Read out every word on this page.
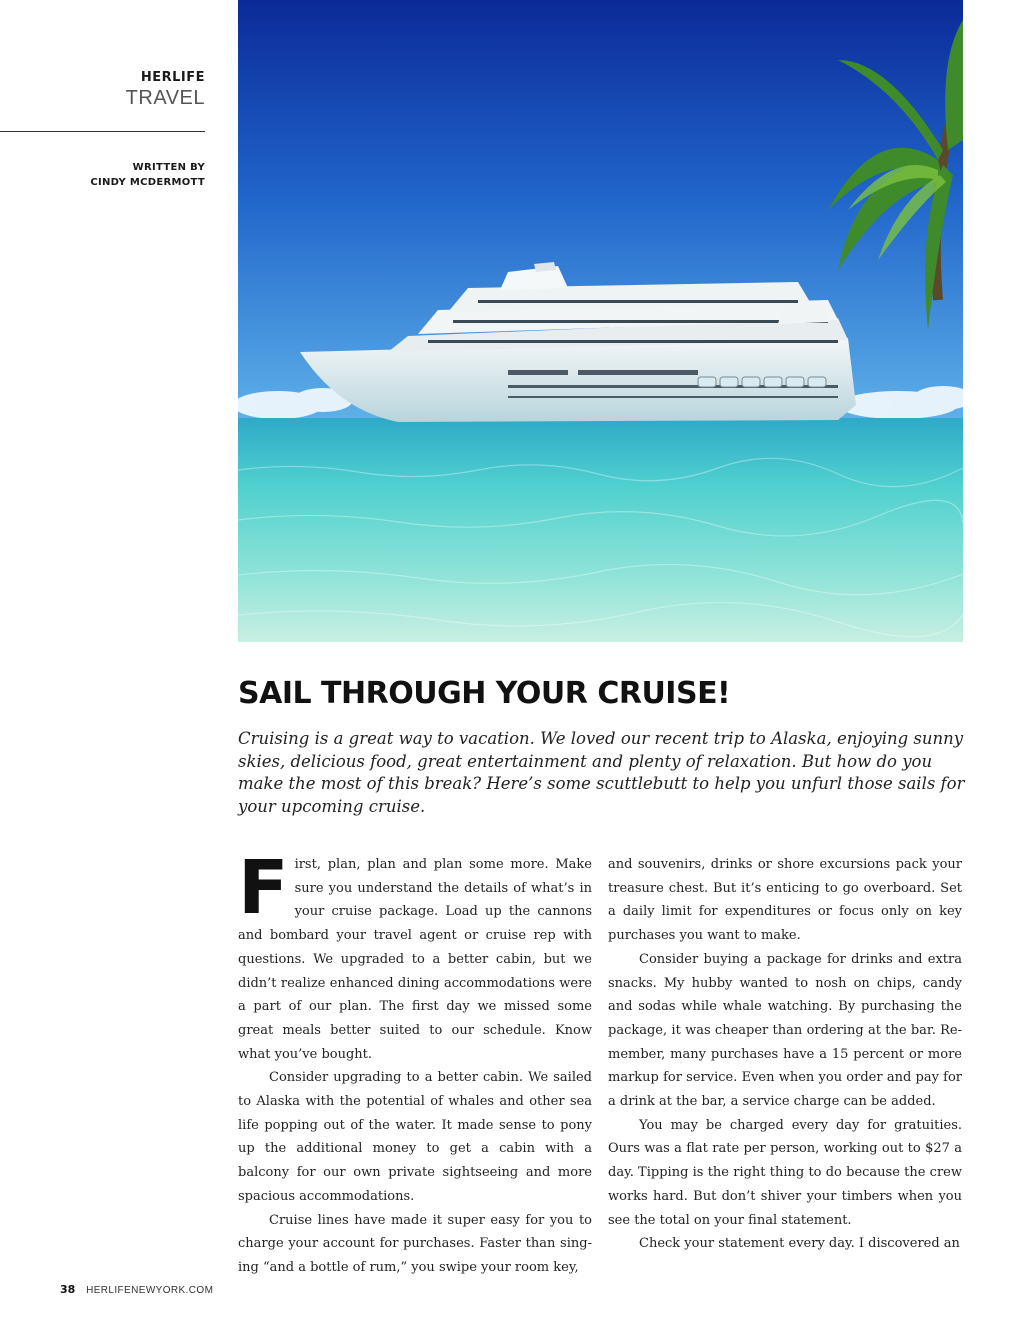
HERLIFE
TRAVEL
WRITTEN BY
CINDY MCDERMOTT
SAIL THROUGH YOUR CRUISE!

Cruising is a great way to vacation. We loved our recent trip to Alaska, enjoying sunny skies, delicious food, great entertainment and plenty of relaxation. But how do you make the most of this break? Here’s some scuttlebutt to help you unfurl those sails for your upcoming cruise.

First, plan, plan and plan some more. Make sure you understand the details of what’s in your cruise package. Load up the cannons and bombard your travel agent or cruise rep with questions. We upgraded to a better cabin, but we didn’t realize enhanced dining accommodations were a part of our plan. The first day we missed some great meals better suited to our schedule. Know what you’ve bought.

Consider upgrading to a better cabin. We sailed to Alaska with the potential of whales and other sea life popping out of the water. It made sense to pony up the additional money to get a cabin with a balcony for our own private sightseeing and more spacious accommodations.

Cruise lines have made it super easy for you to charge your account for purchases. Faster than singing “and a bottle of rum,” you swipe your room key,

and souvenirs, drinks or shore excursions pack your treasure chest. But it’s enticing to go overboard. Set a daily limit for expenditures or focus only on key purchases you want to make.

Consider buying a package for drinks and extra snacks. My hubby wanted to nosh on chips, candy and sodas while whale watching. By purchasing the package, it was cheaper than ordering at the bar. Remember, many purchases have a 15 percent or more markup for service. Even when you order and pay for a drink at the bar, a service charge can be added.

You may be charged every day for gratuities. Ours was a flat rate per person, working out to $27 a day. Tipping is the right thing to do because the crew works hard. But don’t shiver your timbers when you see the total on your final statement.

Check your statement every day. I discovered an

38 HERLIFENEWYORK.COM
